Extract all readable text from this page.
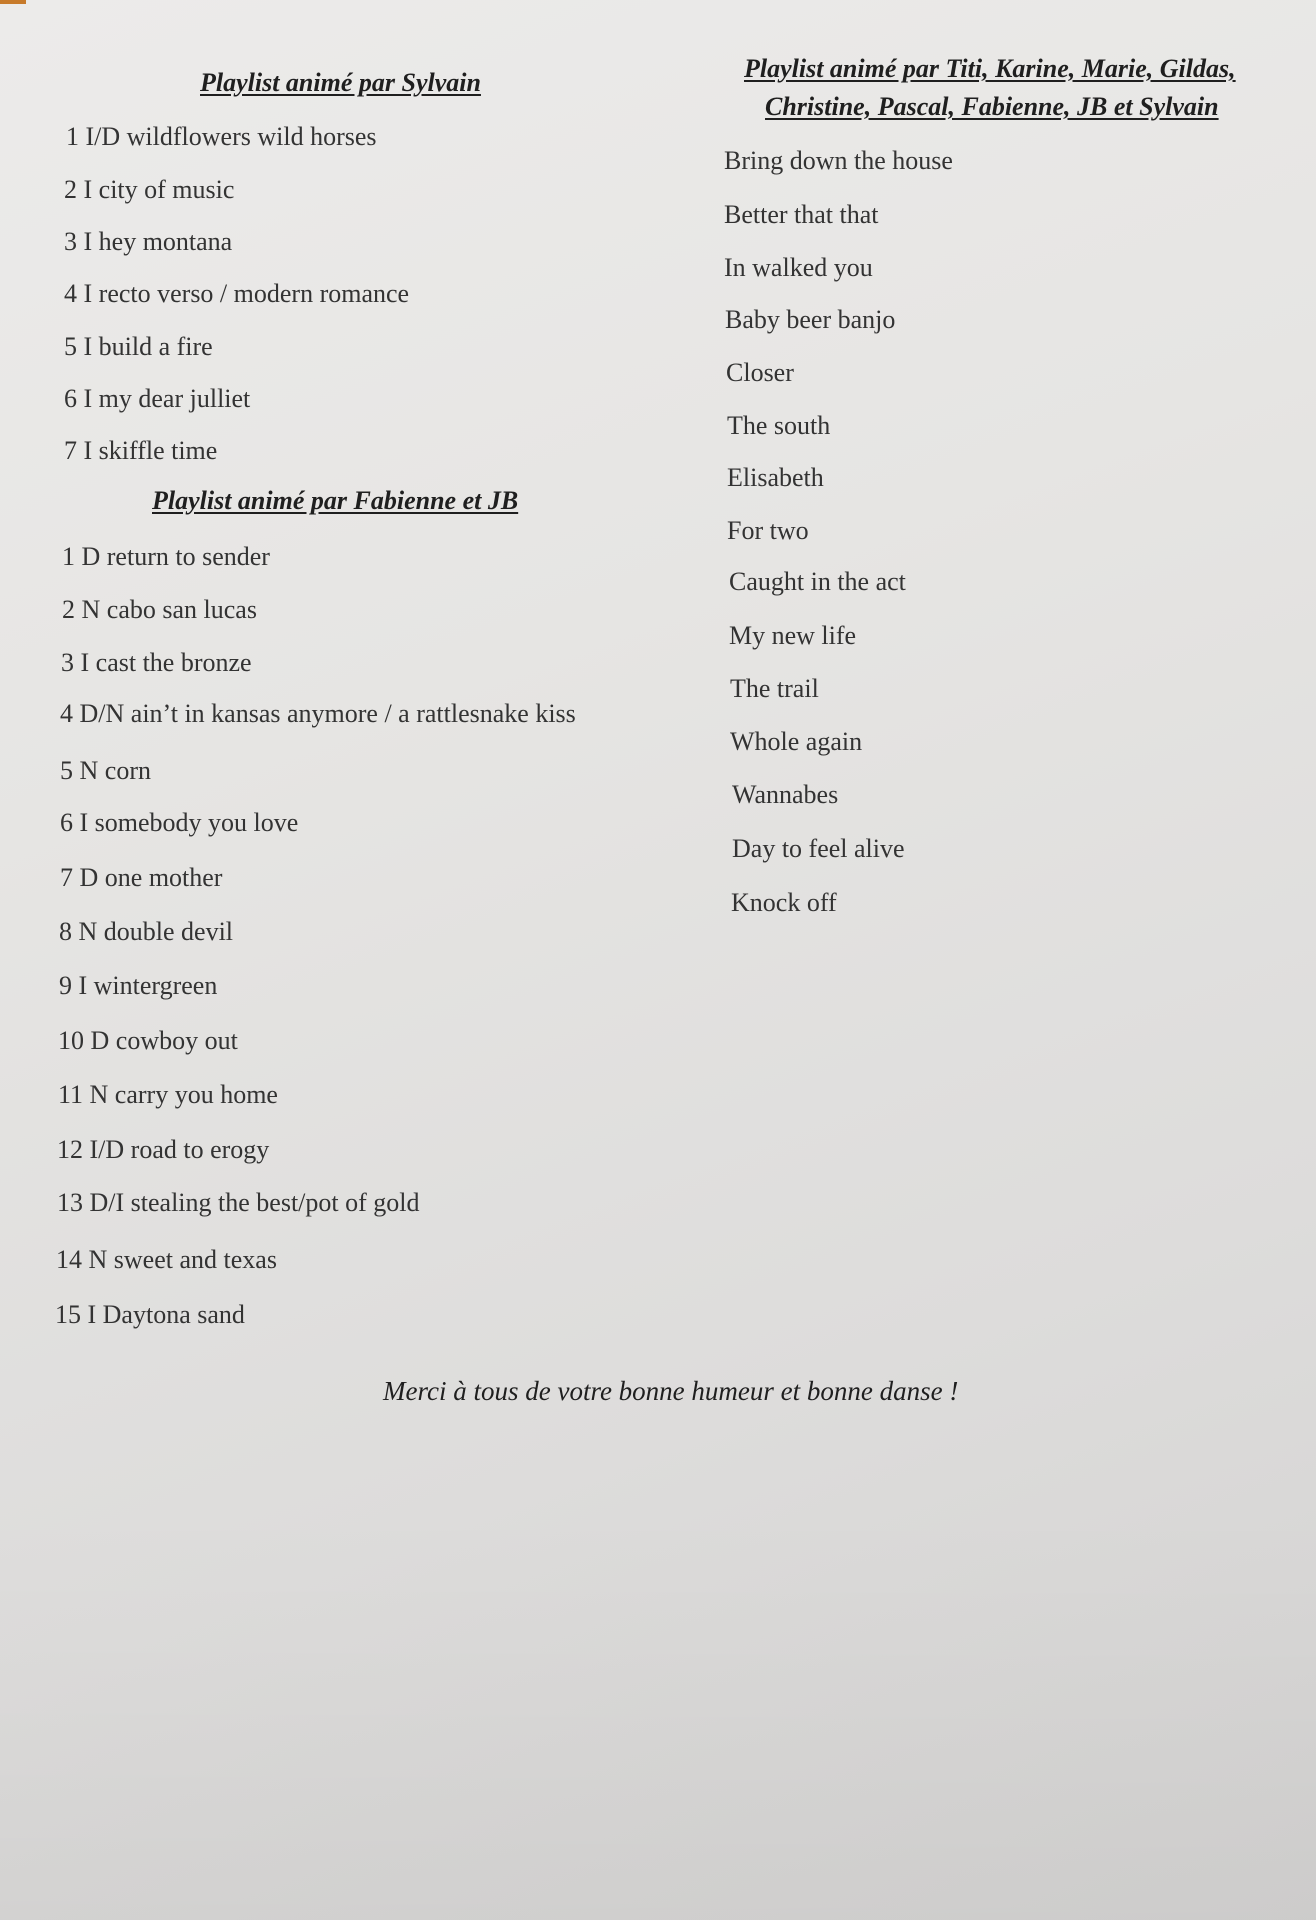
Playlist animé par Sylvain
1 I/D wildflowers wild horses
2 I city of music
3 I hey montana
4 I recto verso / modern romance
5 I build a fire
6 I my dear julliet
7 I skiffle time
Playlist animé par Fabienne et JB
1 D return to sender
2 N cabo san lucas
3 I cast the bronze
4 D/N ain’t in kansas anymore / a rattlesnake kiss
5 N corn
6 I somebody you love
7 D one mother
8 N double devil
9 I wintergreen
10 D cowboy out
11 N carry you home
12 I/D road to erogy
13 D/I stealing the best/pot of gold
14 N sweet and texas
15 I Daytona sand
Playlist animé par Titi, Karine, Marie, Gildas,
Christine, Pascal, Fabienne, JB et Sylvain
Bring down the house
Better that that
In walked you
Baby beer banjo
Closer
The south
Elisabeth
For two
Caught in the act
My new life
The trail
Whole again
Wannabes
Day to feel alive
Knock off
Merci à tous de votre bonne humeur et bonne danse !
